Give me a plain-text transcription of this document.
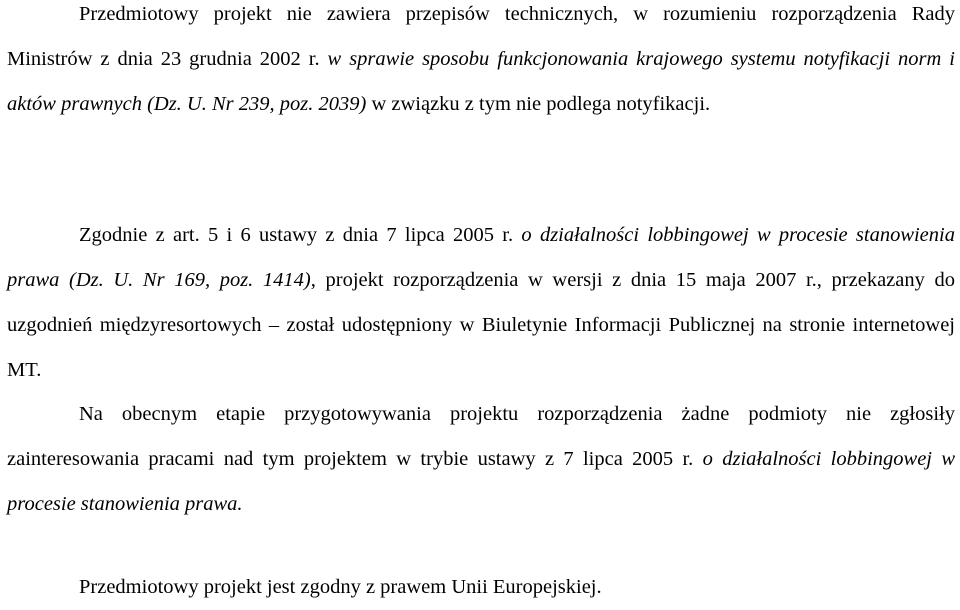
Przedmiotowy projekt nie zawiera przepisów technicznych, w rozumieniu rozporządzenia Rady Ministrów z dnia 23 grudnia 2002 r. w sprawie sposobu funkcjonowania krajowego systemu notyfikacji norm i aktów prawnych (Dz. U. Nr 239, poz. 2039) w związku z tym nie podlega notyfikacji.

Zgodnie z art. 5 i 6 ustawy z dnia 7 lipca 2005 r. o działalności lobbingowej w procesie stanowienia prawa (Dz. U. Nr 169, poz. 1414), projekt rozporządzenia w wersji z dnia 15 maja 2007 r., przekazany do uzgodnień międzyresortowych – został udostępniony w Biuletynie Informacji Publicznej na stronie internetowej MT.

Na obecnym etapie przygotowywania projektu rozporządzenia żadne podmioty nie zgłosiły zainteresowania pracami nad tym projektem w trybie ustawy z 7 lipca 2005 r. o działalności lobbingowej w procesie stanowienia prawa.

Przedmiotowy projekt jest zgodny z prawem Unii Europejskiej.
